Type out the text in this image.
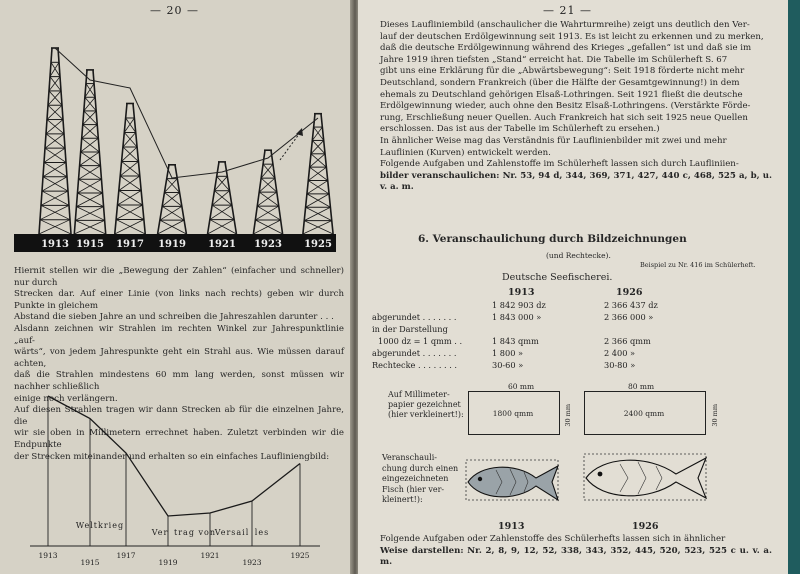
— 20 —
1913 1915 1917 1919 1921 1923 1925

Hiernit stellen wir die „Bewegung der Zahlen“ (einfacher und schneller) nur durch

Strecken dar. Auf einer Linie (von links nach rechts) geben wir durch Punkte in gleichem

Abstand die sieben Jahre an und schreiben die Jahreszahlen darunter . . .

Alsdann zeichnen wir Strahlen im rechten Winkel zur Jahrespunktlinie „auf-

wärts“, von jedem Jahrespunkte geht ein Strahl aus. Wie müssen darauf achten,

daß die Strahlen mindestens 60 mm lang werden, sonst müssen wir nachher schließlich

einige noch verlängern.

Auf diesen Strahlen tragen wir dann Strecken ab für die einzelnen Jahre, die

wir sie oben in Millimetern errechnet haben. Zuletzt verbinden wir die Endpunkte

der Strecken miteinander und erhalten so ein einfaches Laufliniengbild:

1913
1915
1917
1919
1921
1923
1925
Weltkrieg
Ver trag von
Versail les
— 21 —

Dieses Laufliniembild (anschaulicher die Wahrturmreihe) zeigt uns deutlich den Ver-

lauf der deutschen Erdölgewinnung seit 1913. Es ist leicht zu erkennen und zu merken,

daß die deutsche Erdölgewinnung während des Krieges „gefallen“ ist und daß sie im

Jahre 1919 ihren tiefsten „Stand“ erreicht hat. Die Tabelle im Schülerheft S. 67

gibt uns eine Erklärung für die „Abwärtsbewegung“: Seit 1918 förderte nicht mehr

Deutschland, sondern Frankreich (über die Hälfte der Gesamtgewinnung!) in dem

ehemals zu Deutschland gehörigen Elsaß-Lothringen. Seit 1921 fließt die deutsche

Erdölgewinnung wieder, auch ohne den Besitz Elsaß-Lothringens. (Verstärkte Förde-

rung, Erschließung neuer Quellen. Auch Frankreich hat sich seit 1925 neue Quellen

erschlossen. Das ist aus der Tabelle im Schülerheft zu ersehen.)

In ähnlicher Weise mag das Verständnis für Lauflinienbilder mit zwei und mehr

Lauflinien (Kurven) entwickelt werden.

Folgende Aufgaben und Zahlenstoffe im Schülerheft lassen sich durch Laufliniien-

bilder veranschaulichen: Nr. 53, 94 d, 344, 369, 371, 427, 440 c, 468, 525 a, b, u. v. a. m.

6. Veranschaulichung durch Bildzeichnungen
(und Rechtecke).
Beispiel zu Nr. 416 im Schülerheft.
Deutsche Seefischerei.
1913	1926
1 842 903 dz	2 366 437 dz
abgerundet . . . . . . .	1 843 000 »	2 366 000 »
in der Darstellung
1000 dz = 1 qmm . .	1 843 qmm	2 366 qmm
abgerundet . . . . . . .	1 800 »	2 400 »
Rechtecke . . . . . . . .	30-60 »	30-80 »
Auf Millimeter-
papier gezeichnet
(hier verkleinert!):
60 mm
1800 qmm	30 mm
80 mm
2400 qmm	30 mm
Veranschauli-
chung durch einen
eingezeichneten
Fisch (hier ver-
kleinert!):
1913	1926

Folgende Aufgaben oder Zahlenstoffe des Schülerhefts lassen sich in ähnlicher

Weise darstellen: Nr. 2, 8, 9, 12, 52, 338, 343, 352, 445, 520, 523, 525 c u. v. a. m.
